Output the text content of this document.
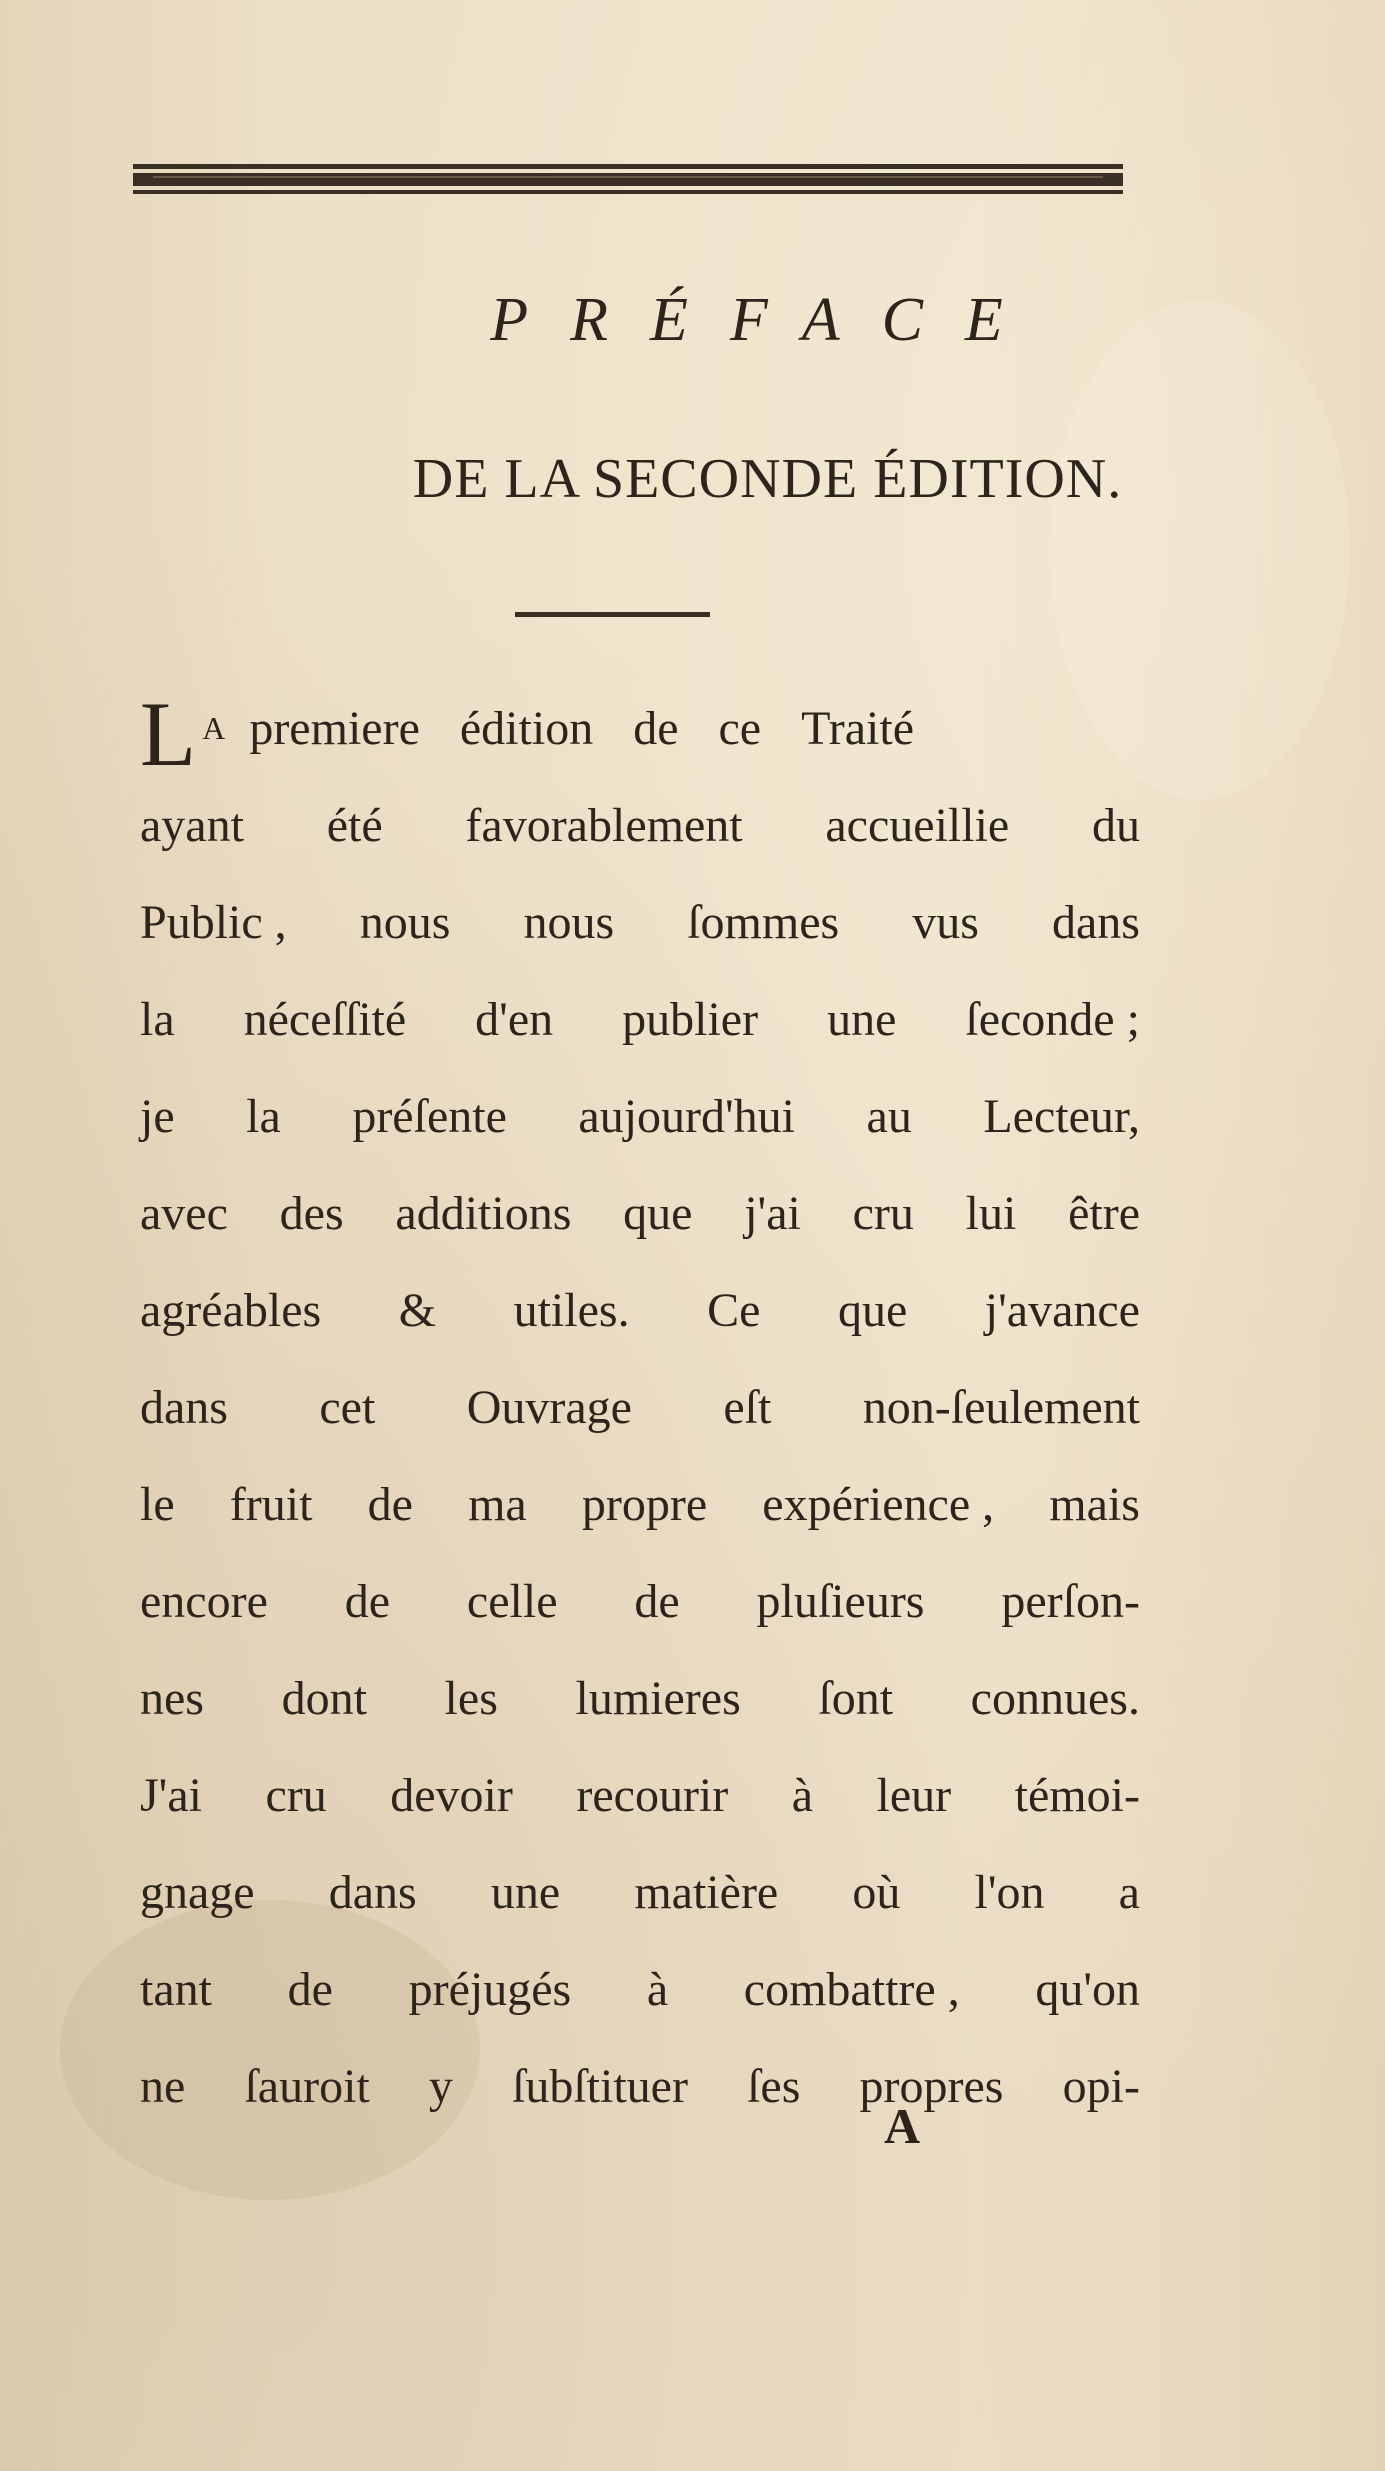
PRÉFACE
DE LA SECONDE ÉDITION.
L A premiere édition de ce Traité
ayant été favorablement accueillie du
Public , nous nous ſommes vus dans
la néceſſité d'en publier une ſeconde ;
je la préſente aujourd'hui au Lecteur,
avec des additions que j'ai cru lui être
agréables & utiles. Ce que j'avance
dans cet Ouvrage eſt non-ſeulement
le fruit de ma propre expérience , mais
encore de celle de pluſieurs perſon-
nes dont les lumieres ſont connues.
J'ai cru devoir recourir à leur témoi-
gnage dans une matière où l'on a
tant de préjugés à combattre , qu'on
ne ſauroit y ſubſtituer ſes propres opi-
A
